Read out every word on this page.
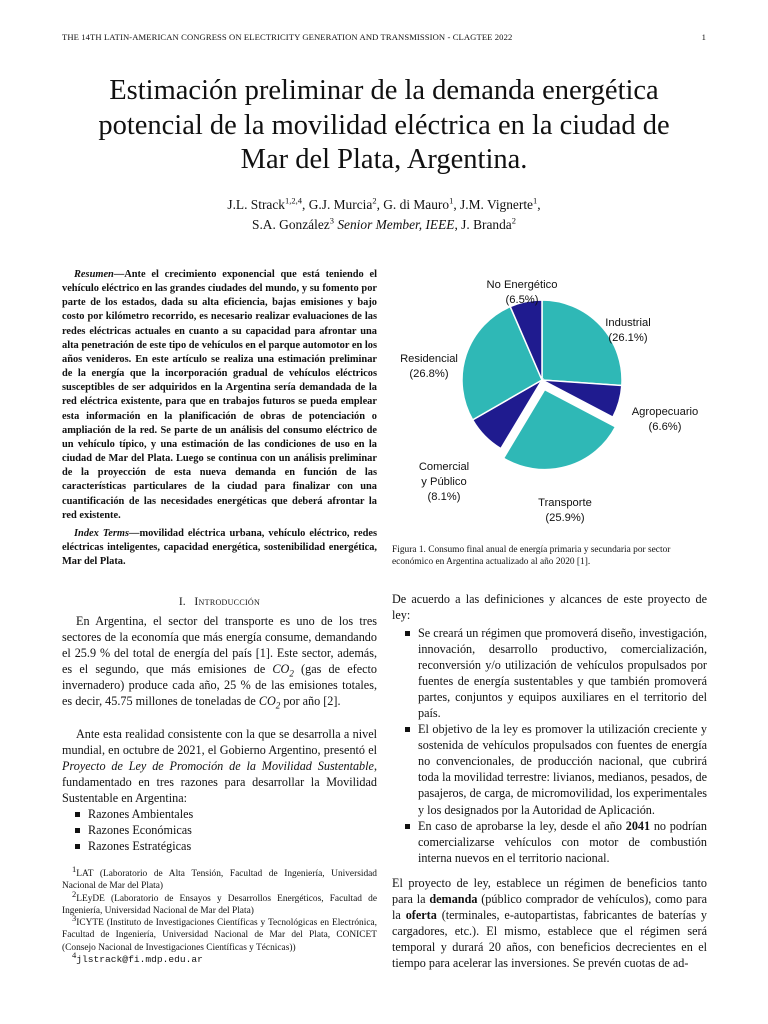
THE 14TH LATIN-AMERICAN CONGRESS ON ELECTRICITY GENERATION AND TRANSMISSION - CLAGTEE 2022	1
Estimación preliminar de la demanda energética
potencial de la movilidad eléctrica en la ciudad de
Mar del Plata, Argentina.
J.L. Strack$^{1,2,4}$, G.J. Murcia$^2$, G. di Mauro$^1$, J.M. Vignerte$^1$,
S.A. González$^3$ Senior Member, IEEE, J. Branda$^2$
Resumen—Ante el crecimiento exponencial que está teniendo el vehículo eléctrico en las grandes ciudades del mundo, y su fomento por parte de los estados, dada su alta eficiencia, bajas emisiones y bajo costo por kilómetro recorrido, es necesario realizar evaluaciones de las redes eléctricas actuales en cuanto a su capacidad para afrontar una alta penetración de este tipo de vehículos en el parque automotor en los años venideros. En este artículo se realiza una estimación preliminar de la energía que la incorporación gradual de vehículos eléctricos susceptibles de ser adquiridos en la Argentina sería demandada de la red eléctrica existente, para que en trabajos futuros se pueda emplear esta información en la planificación de obras de potenciación o ampliación de la red. Se parte de un análisis del consumo eléctrico de un vehículo típico, y una estimación de las condiciones de uso en la ciudad de Mar del Plata. Luego se continua con un análisis preliminar de la proyección de esta nueva demanda en función de las características particulares de la ciudad para finalizar con una cuantificación de las necesidades energéticas que deberá afrontar la red existente.
Index Terms—movilidad eléctrica urbana, vehículo eléctrico, redes eléctricas inteligentes, capacidad energética, sostenibilidad energética, Mar del Plata.
I. Introducción
En Argentina, el sector del transporte es uno de los tres sectores de la economía que más energía consume, demandando el 25.9 % del total de energía del país [1]. Este sector, además, es el segundo, que más emisiones de $CO_2$ (gas de efecto invernadero) produce cada año, 25 % de las emisiones totales, es decir, 45.75 millones de toneladas de $CO_2$ por año [2].
Ante esta realidad consistente con la que se desarrolla a nivel mundial, en octubre de 2021, el Gobierno Argentino, presentó el Proyecto de Ley de Promoción de la Movilidad Sustentable, fundamentado en tres razones para desarrollar la Movilidad Sustentable en Argentina:
Razones Ambientales
Razones Económicas
Razones Estratégicas
$^1$LAT (Laboratorio de Alta Tensión, Facultad de Ingeniería, Universidad Nacional de Mar del Plata)
$^2$LEyDE (Laboratorio de Ensayos y Desarrollos Energéticos, Facultad de Ingeniería, Universidad Nacional de Mar del Plata)
$^3$ICYTE (Instituto de Investigaciones Científicas y Tecnológicas en Electrónica, Facultad de Ingeniería, Universidad Nacional de Mar del Plata, CONICET (Consejo Nacional de Investigaciones Científicas y Técnicas))
$^4$jlstrack@fi.mdp.edu.ar
Industrial (26.1%)
Agropecuario (6.6%)
Transporte (25.9%)
Comercial y Público (8.1%)
Residencial (26.8%)
No Energético (6.5%)
Figura 1. Consumo final anual de energía primaria y secundaria por sector económico en Argentina actualizado al año 2020 [1].
De acuerdo a las definiciones y alcances de este proyecto de ley:
Se creará un régimen que promoverá diseño, investigación, innovación, desarrollo productivo, comercialización, reconversión y/o utilización de vehículos propulsados por fuentes de energía sustentables y que también promoverá partes, conjuntos y equipos auxiliares en el territorio del país.
El objetivo de la ley es promover la utilización creciente y sostenida de vehículos propulsados con fuentes de energía no convencionales, de producción nacional, que cubrirá toda la movilidad terrestre: livianos, medianos, pesados, de pasajeros, de carga, de micromovilidad, los experimentales y los designados por la Autoridad de Aplicación.
En caso de aprobarse la ley, desde el año 2041 no podrían comercializarse vehículos con motor de combustión interna nuevos en el territorio nacional.
El proyecto de ley, establece un régimen de beneficios tanto para la demanda (público comprador de vehículos), como para la oferta (terminales, e-autopartistas, fabricantes de baterías y cargadores, etc.). El mismo, establece que el régimen será temporal y durará 20 años, con beneficios decrecientes en el tiempo para acelerar las inversiones. Se prevén cuotas de ad-
